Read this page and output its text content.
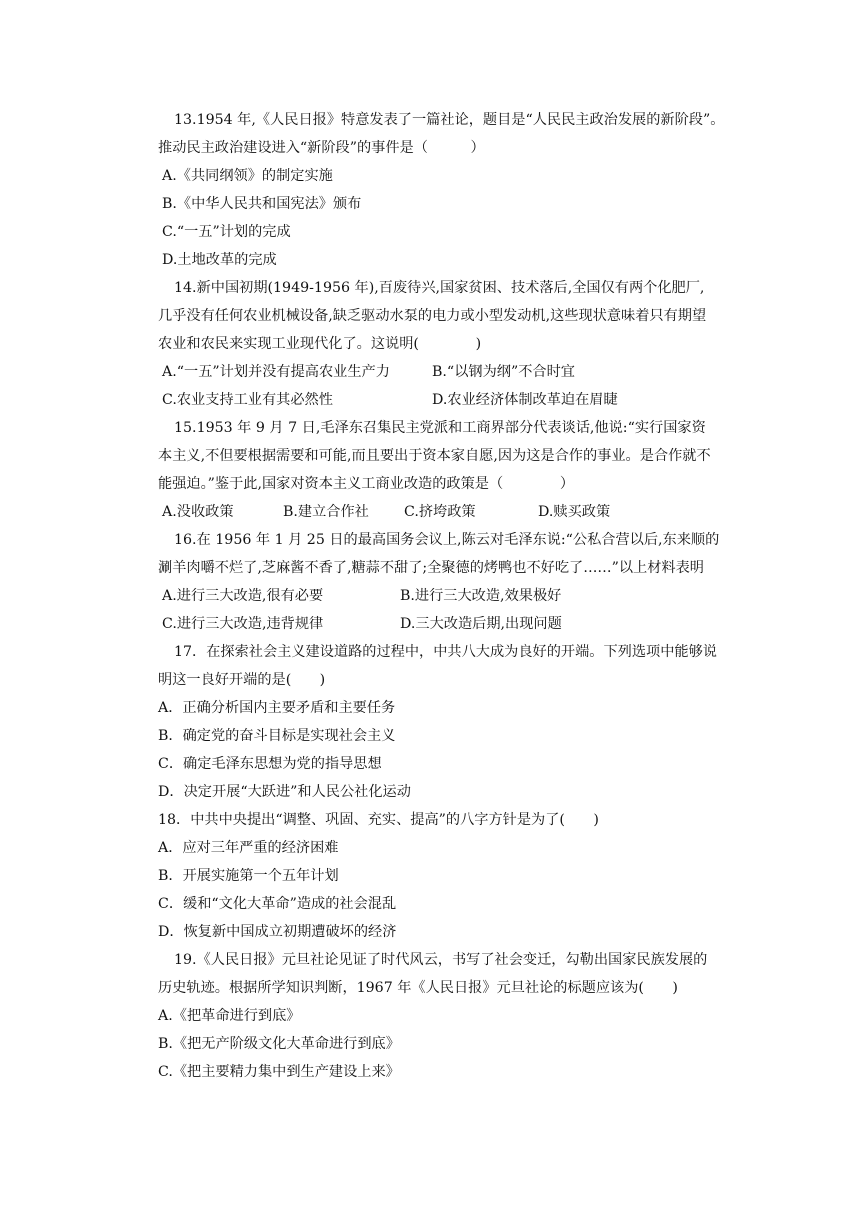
13.1954 年,《人民日报》特意发表了一篇社论，题目是“人民民主政治发展的新阶段”。
推动民主政治建设进入“新阶段”的事件是（　　　）
A.《共同纲领》的制定实施
B.《中华人民共和国宪法》颁布
C.“一五”计划的完成
D.土地改革的完成
14.新中国初期(1949-1956 年),百废待兴,国家贫困、技术落后,全国仅有两个化肥厂,
几乎没有任何农业机械设备,缺乏驱动水泵的电力或小型发动机,这些现状意味着只有期望
农业和农民来实现工业现代化了。这说明(　　　　)
A.“一五”计划并没有提高农业生产力	B.“以钢为纲”不合时宜
C.农业支持工业有其必然性	D.农业经济体制改革迫在眉睫
15.1953 年 9 月 7 日,毛泽东召集民主党派和工商界部分代表谈话,他说:“实行国家资
本主义,不但要根据需要和可能,而且要出于资本家自愿,因为这是合作的事业。是合作就不
能强迫。”鉴于此,国家对资本主义工商业改造的政策是（　　　　）
A.没收政策	B.建立合作社 C.挤垮政策	D.赎买政策
16.在 1956 年 1 月 25 日的最高国务会议上,陈云对毛泽东说:“公私合营以后,东来顺的
涮羊肉嚼不烂了,芝麻酱不香了,糖蒜不甜了;全聚德的烤鸭也不好吃了……”以上材料表明
A.进行三大改造,很有必要	B.进行三大改造,效果极好
C.进行三大改造,违背规律	D.三大改造后期,出现问题
17．在探索社会主义建设道路的过程中，中共八大成为良好的开端。下列选项中能够说
明这一良好开端的是(　　)
A．正确分析国内主要矛盾和主要任务
B．确定党的奋斗目标是实现社会主义
C．确定毛泽东思想为党的指导思想
D．决定开展“大跃进”和人民公社化运动
18．中共中央提出“调整、巩固、充实、提高”的八字方针是为了(　　)
A．应对三年严重的经济困难
B．开展实施第一个五年计划
C．缓和“文化大革命”造成的社会混乱
D．恢复新中国成立初期遭破坏的经济
19.《人民日报》元旦社论见证了时代风云，书写了社会变迁，勾勒出国家民族发展的
历史轨迹。根据所学知识判断，1967 年《人民日报》元旦社论的标题应该为(　　)
A.《把革命进行到底》
B.《把无产阶级文化大革命进行到底》
C.《把主要精力集中到生产建设上来》
